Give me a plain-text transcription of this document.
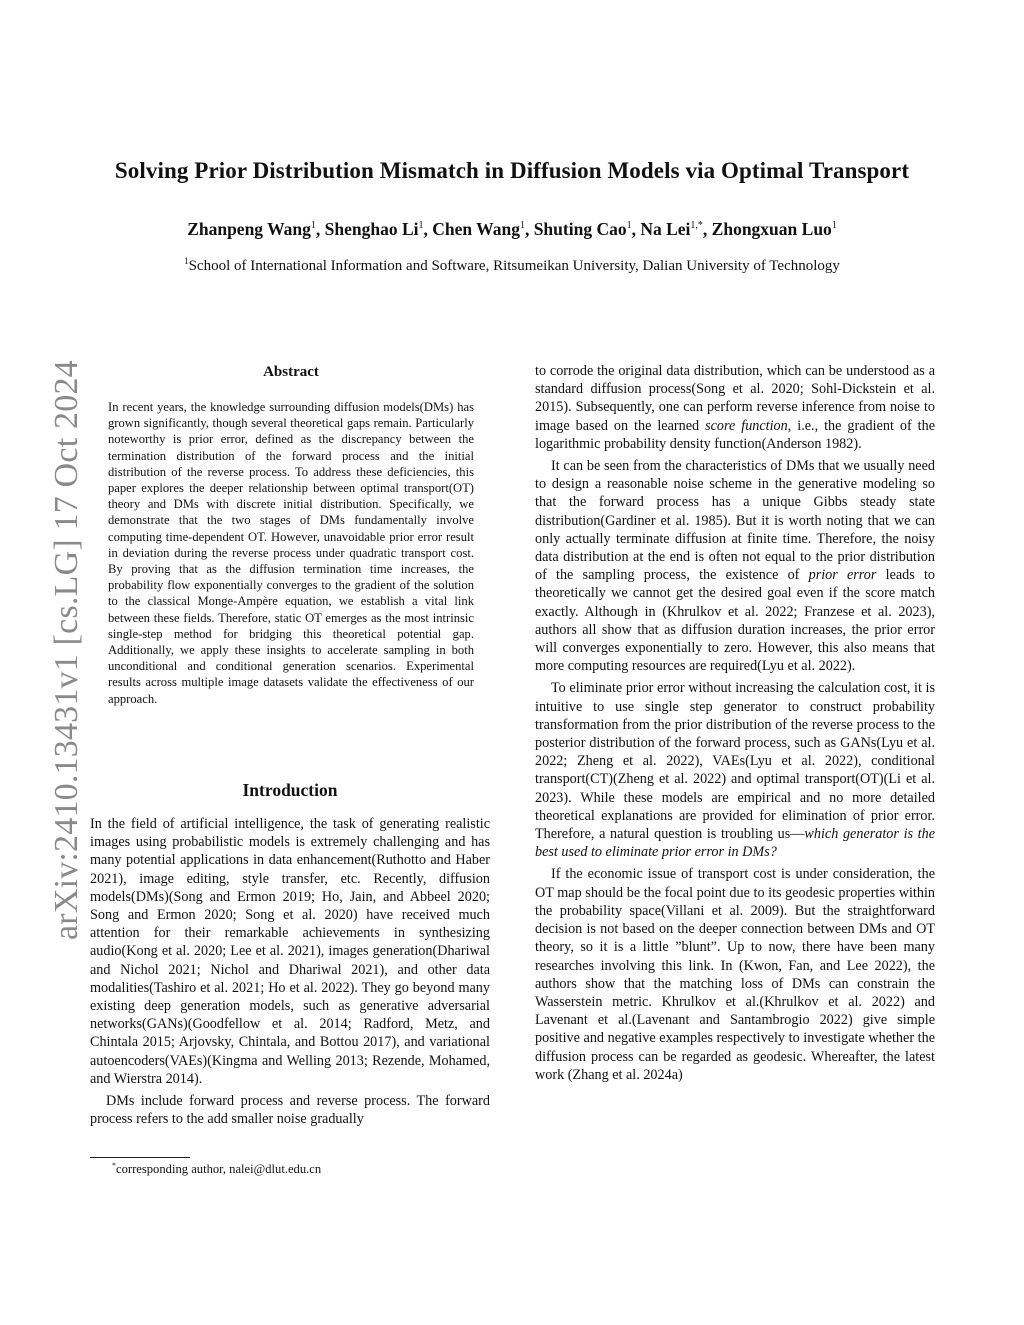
Solving Prior Distribution Mismatch in Diffusion Models via Optimal Transport
Zhanpeng Wang$^1$, Shenghao Li$^1$, Chen Wang$^1$, Shuting Cao$^1$, Na Lei$^{1,*}$, Zhongxuan Luo$^1$
$^1$School of International Information and Software, Ritsumeikan University, Dalian University of Technology
arXiv:2410.13431v1 [cs.LG] 17 Oct 2024	Abstract
In recent years, the knowledge surrounding diffusion models(DMs) has grown significantly, though several theoretical gaps remain. Particularly noteworthy is prior error, defined as the discrepancy between the termination distribution of the forward process and the initial distribution of the reverse process. To address these deficiencies, this paper explores the deeper relationship between optimal transport(OT) theory and DMs with discrete initial distribution. Specifically, we demonstrate that the two stages of DMs fundamentally involve computing time-dependent OT. However, unavoidable prior error result in deviation during the reverse process under quadratic transport cost. By proving that as the diffusion termination time increases, the probability flow exponentially converges to the gradient of the solution to the classical Monge-Ampère equation, we establish a vital link between these fields. Therefore, static OT emerges as the most intrinsic single-step method for bridging this theoretical potential gap. Additionally, we apply these insights to accelerate sampling in both unconditional and conditional generation scenarios. Experimental results across multiple image datasets validate the effectiveness of our approach.
Introduction

In the field of artificial intelligence, the task of generating realistic images using probabilistic models is extremely challenging and has many potential applications in data enhancement(Ruthotto and Haber 2021), image editing, style transfer, etc. Recently, diffusion models(DMs)(Song and Ermon 2019; Ho, Jain, and Abbeel 2020; Song and Ermon 2020; Song et al. 2020) have received much attention for their remarkable achievements in synthesizing audio(Kong et al. 2020; Lee et al. 2021), images generation(Dhariwal and Nichol 2021; Nichol and Dhariwal 2021), and other data modalities(Tashiro et al. 2021; Ho et al. 2022). They go beyond many existing deep generation models, such as generative adversarial networks(GANs)(Goodfellow et al. 2014; Radford, Metz, and Chintala 2015; Arjovsky, Chintala, and Bottou 2017), and variational autoencoders(VAEs)(Kingma and Welling 2013; Rezende, Mohamed, and Wierstra 2014).

DMs include forward process and reverse process. The forward process refers to the add smaller noise gradually

to corrode the original data distribution, which can be understood as a standard diffusion process(Song et al. 2020; Sohl-Dickstein et al. 2015). Subsequently, one can perform reverse inference from noise to image based on the learned score function, i.e., the gradient of the logarithmic probability density function(Anderson 1982).

It can be seen from the characteristics of DMs that we usually need to design a reasonable noise scheme in the generative modeling so that the forward process has a unique Gibbs steady state distribution(Gardiner et al. 1985). But it is worth noting that we can only actually terminate diffusion at finite time. Therefore, the noisy data distribution at the end is often not equal to the prior distribution of the sampling process, the existence of prior error leads to theoretically we cannot get the desired goal even if the score match exactly. Although in (Khrulkov et al. 2022; Franzese et al. 2023), authors all show that as diffusion duration increases, the prior error will converges exponentially to zero. However, this also means that more computing resources are required(Lyu et al. 2022).

To eliminate prior error without increasing the calculation cost, it is intuitive to use single step generator to construct probability transformation from the prior distribution of the reverse process to the posterior distribution of the forward process, such as GANs(Lyu et al. 2022; Zheng et al. 2022), VAEs(Lyu et al. 2022), conditional transport(CT)(Zheng et al. 2022) and optimal transport(OT)(Li et al. 2023). While these models are empirical and no more detailed theoretical explanations are provided for elimination of prior error. Therefore, a natural question is troubling us—which generator is the best used to eliminate prior error in DMs?

If the economic issue of transport cost is under consideration, the OT map should be the focal point due to its geodesic properties within the probability space(Villani et al. 2009). But the straightforward decision is not based on the deeper connection between DMs and OT theory, so it is a little ”blunt”. Up to now, there have been many researches involving this link. In (Kwon, Fan, and Lee 2022), the authors show that the matching loss of DMs can constrain the Wasserstein metric. Khrulkov et al.(Khrulkov et al. 2022) and Lavenant et al.(Lavenant and Santambrogio 2022) give simple positive and negative examples respectively to investigate whether the diffusion process can be regarded as geodesic. Whereafter, the latest work (Zhang et al. 2024a)

*corresponding author, nalei@dlut.edu.cn
